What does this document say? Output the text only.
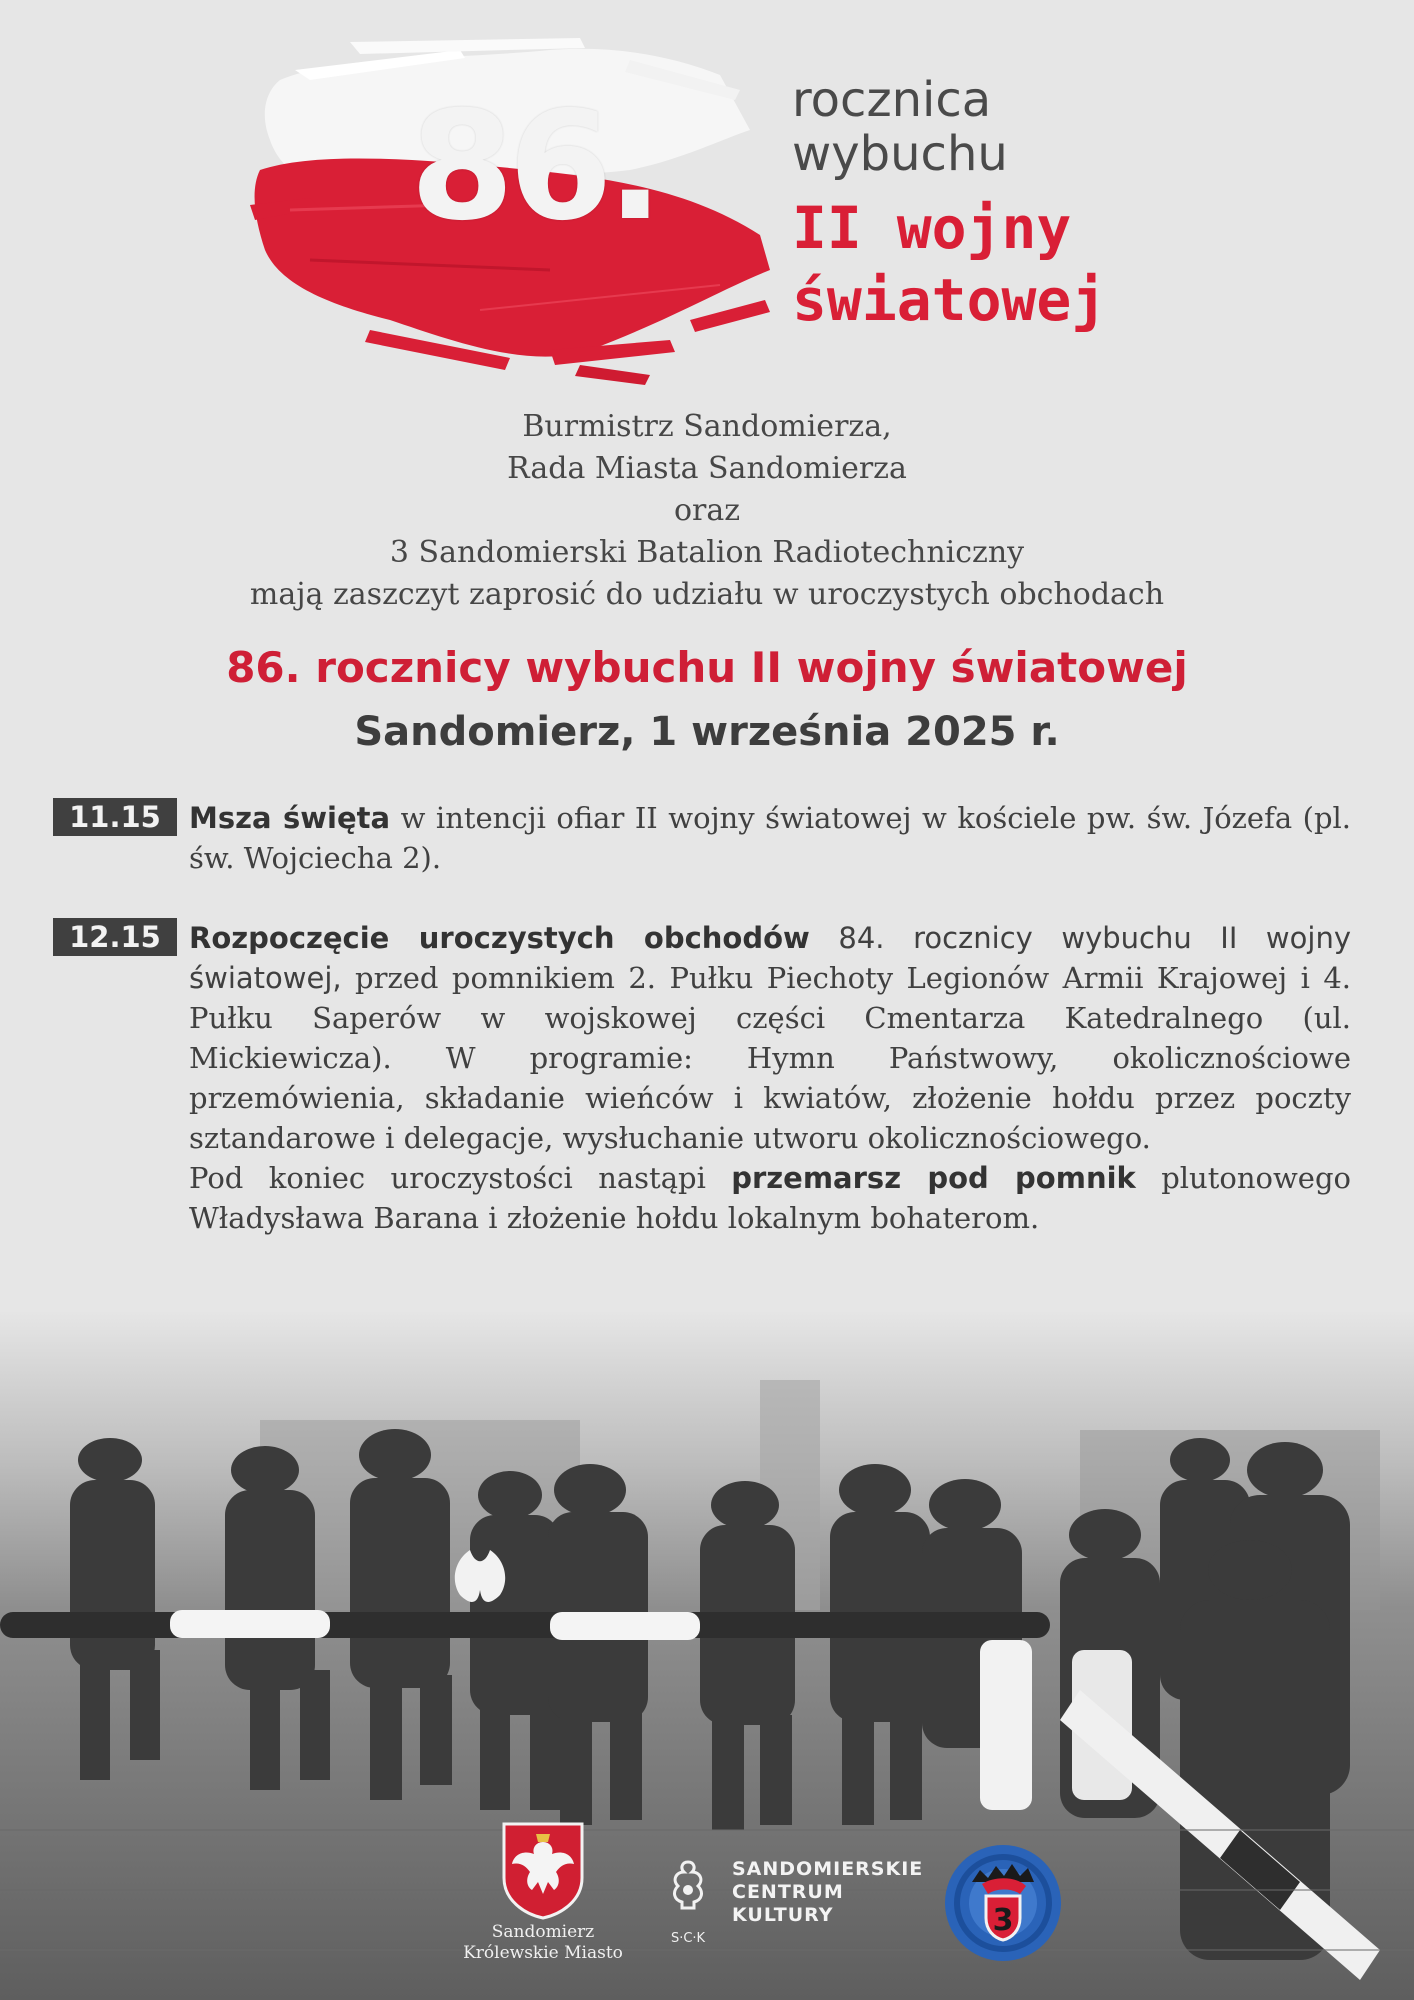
86.	rocznica
wybuchu
II wojny
światowej
Burmistrz Sandomierza,
Rada Miasta Sandomierza
oraz
3 Sandomierski Batalion Radiotechniczny
mają zaszczyt zaprosić do udziału w uroczystych obchodach
86. rocznicy wybuchu II wojny światowej
Sandomierz, 1 września 2025 r.
11.15 Msza święta w intencji ofiar II wojny światowej w kościele pw. św. Józefa (pl. św. Wojciecha 2).

12.15 Rozpoczęcie uroczystych obchodów 84. rocznicy wybuchu II wojny światowej, przed pomnikiem 2. Pułku Piechoty Legionów Armii Krajowej i 4. Pułku Saperów w wojskowej części Cmentarza Katedralnego (ul. Mickiewicza). W programie: Hymn Państwowy, okolicznościowe przemówienia, składanie wieńców i kwiatów, złożenie hołdu przez poczty sztandarowe i delegacje, wysłuchanie utworu okolicznościowego.

Pod koniec uroczystości nastąpi przemarsz pod pomnik plutonowego Władysława Barana i złożenie hołdu lokalnym bohaterom.

Sandomierz
Królewskie Miasto
S·C·K
SANDOMIERSKIE
CENTRUM
KULTURY	3
